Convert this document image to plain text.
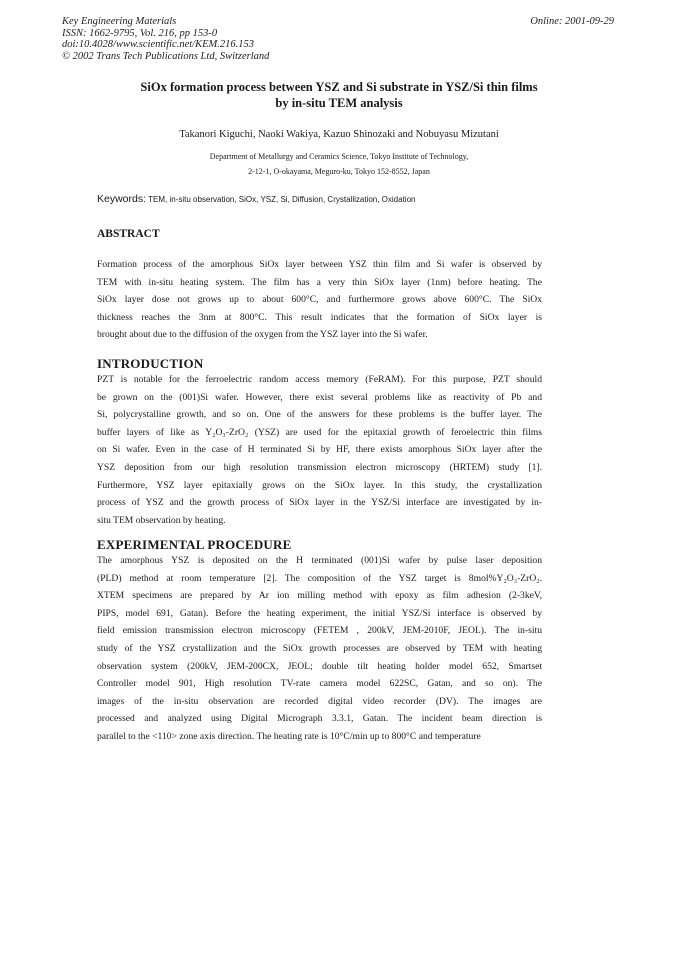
Key Engineering Materials
ISSN: 1662-9795, Vol. 216, pp 153-0
doi:10.4028/www.scientific.net/KEM.216.153
© 2002 Trans Tech Publications Ltd, Switzerland
Online: 2001-09-29
SiOx formation process between YSZ and Si substrate in YSZ/Si thin films
by in-situ TEM analysis
Takanori Kiguchi, Naoki Wakiya, Kazuo Shinozaki and Nobuyasu Mizutani
Department of Metallurgy and Ceramics Science, Tokyo Institute of Technology,
2-12-1, O-okayama, Meguro-ku, Tokyo 152-8552, Japan
Keywords: TEM, in-situ observation, SiOx, YSZ, Si, Diffusion, Crystallization, Oxidation
ABSTRACT
Formation process of the amorphous SiOx layer between YSZ thin film and Si wafer is observed by
TEM with in-situ heating system. The film has a very thin SiOx layer (1nm) before heating. The
SiOx layer dose not grows up to about 600°C, and furthermore grows above 600°C. The SiOx
thickness reaches the 3nm at 800°C. This result indicates that the formation of SiOx layer is
brought about due to the diffusion of the oxygen from the YSZ layer into the Si wafer.
INTRODUCTION
PZT is notable for the ferroelectric random access memory (FeRAM). For this purpose, PZT should
be grown on the (001)Si wafer. However, there exist several problems like as reactivity of Pb and
Si, polycrystalline growth, and so on. One of the answers for these problems is the buffer layer. The
buffer layers of like as Y₂O₃-ZrO₂ (YSZ) are used for the epitaxial growth of feroelectric thin films
on Si wafer. Even in the case of H terminated Si by HF, there exists amorphous SiOx layer after the
YSZ deposition from our high resolution transmission electron microscopy (HRTEM) study [1].
Furthermore, YSZ layer epitaxially grows on the SiOx layer. In this study, the crystallization
process of YSZ and the growth process of SiOx layer in the YSZ/Si interface are investigated by in-
situ TEM observation by heating.
EXPERIMENTAL PROCEDURE
The amorphous YSZ is deposited on the H terminated (001)Si wafer by pulse laser deposition
(PLD) method at room temperature [2]. The composition of the YSZ target is 8mol%Y₂O₃-ZrO₂.
XTEM specimens are prepared by Ar ion milling method with epoxy as film adhesion (2-3keV,
PIPS, model 691, Gatan). Before the heating experiment, the initial YSZ/Si interface is observed by
field emission transmission electron microscopy (FETEM , 200kV, JEM-2010F, JEOL). The in-situ
study of the YSZ crystallization and the SiOx growth processes are observed by TEM with heating
observation system (200kV, JEM-200CX, JEOL; double tilt heating holder model 652, Smartset
Controller model 901, High resolution TV-rate camera model 622SC, Gatan, and so on). The
images of the in-situ observation are recorded digital video recorder (DV). The images are
processed and analyzed using Digital Micrograph 3.3.1, Gatan. The incident beam direction is
parallel to the <110> zone axis direction. The heating rate is 10°C/min up to 800°C and temperature
